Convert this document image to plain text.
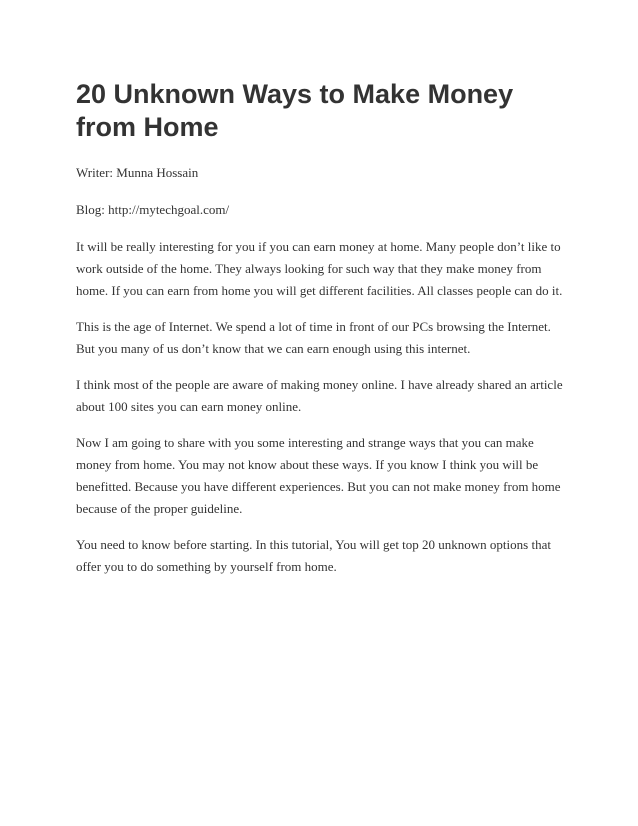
20 Unknown Ways to Make Money from Home

Writer: Munna Hossain

Blog: http://mytechgoal.com/

It will be really interesting for you if you can earn money at home. Many people don’t like to work outside of the home. They always looking for such way that they make money from home. If you can earn from home you will get different facilities. All classes people can do it.

This is the age of Internet. We spend a lot of time in front of our PCs browsing the Internet. But you many of us don’t know that we can earn enough using this internet.

I think most of the people are aware of making money online. I have already shared an article about 100 sites you can earn money online.

Now I am going to share with you some interesting and strange ways that you can make money from home. You may not know about these ways. If you know I think you will be benefitted. Because you have different experiences. But you can not make money from home because of the proper guideline.

You need to know before starting. In this tutorial, You will get top 20 unknown options that offer you to do something by yourself from home.
